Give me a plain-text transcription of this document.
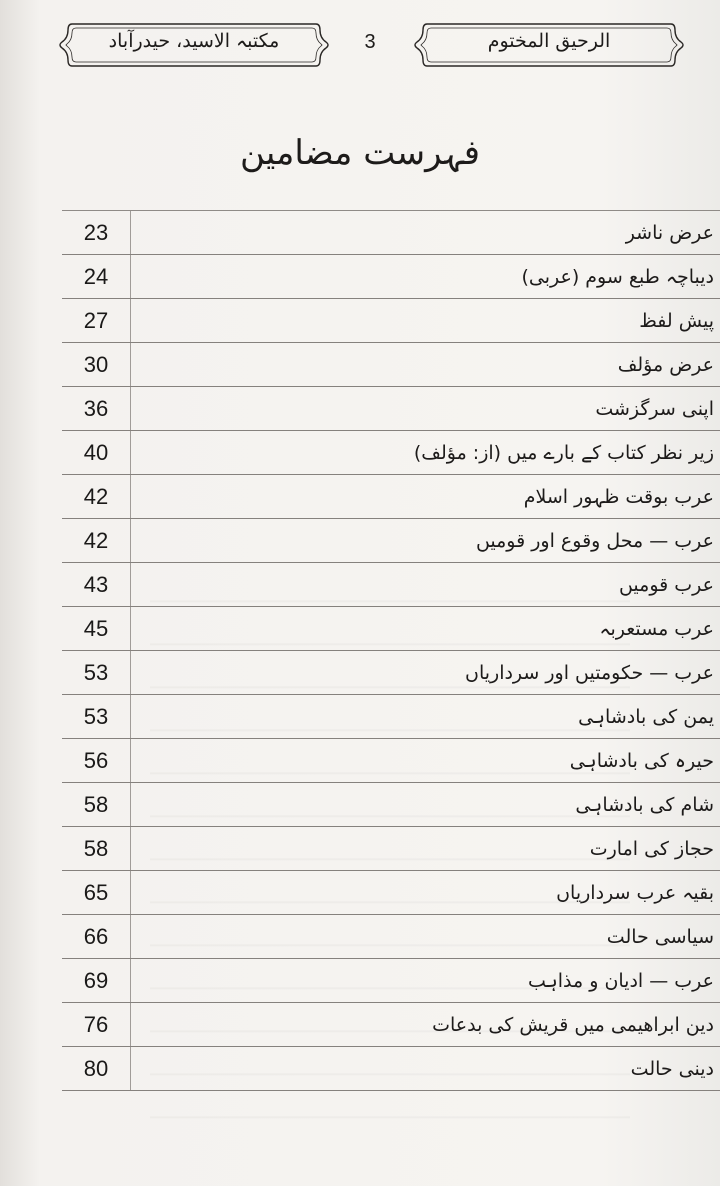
مکتبہ الاسید، حیدرآباد	3	الرحیق المختوم
فہرست مضامین
23	عرض ناشر
24	دیباچہ طبع سوم (عربی)
27	پیش لفظ
30	عرض مؤلف
36	اپنی سرگزشت
40	زیر نظر کتاب کے بارے میں (از: مؤلف)
42	عرب بوقت ظہور اسلام
42	عرب — محل وقوع اور قومیں
43	عرب قومیں
45	عرب مستعربہ
53	عرب — حکومتیں اور سرداریاں
53	یمن کی بادشاہی
56	حیرہ کی بادشاہی
58	شام کی بادشاہی
58	حجاز کی امارت
65	بقیہ عرب سرداریاں
66	سیاسی حالت
69	عرب — ادیان و مذاہب
76	دین ابراھیمی میں قریش کی بدعات
80	دینی حالت
